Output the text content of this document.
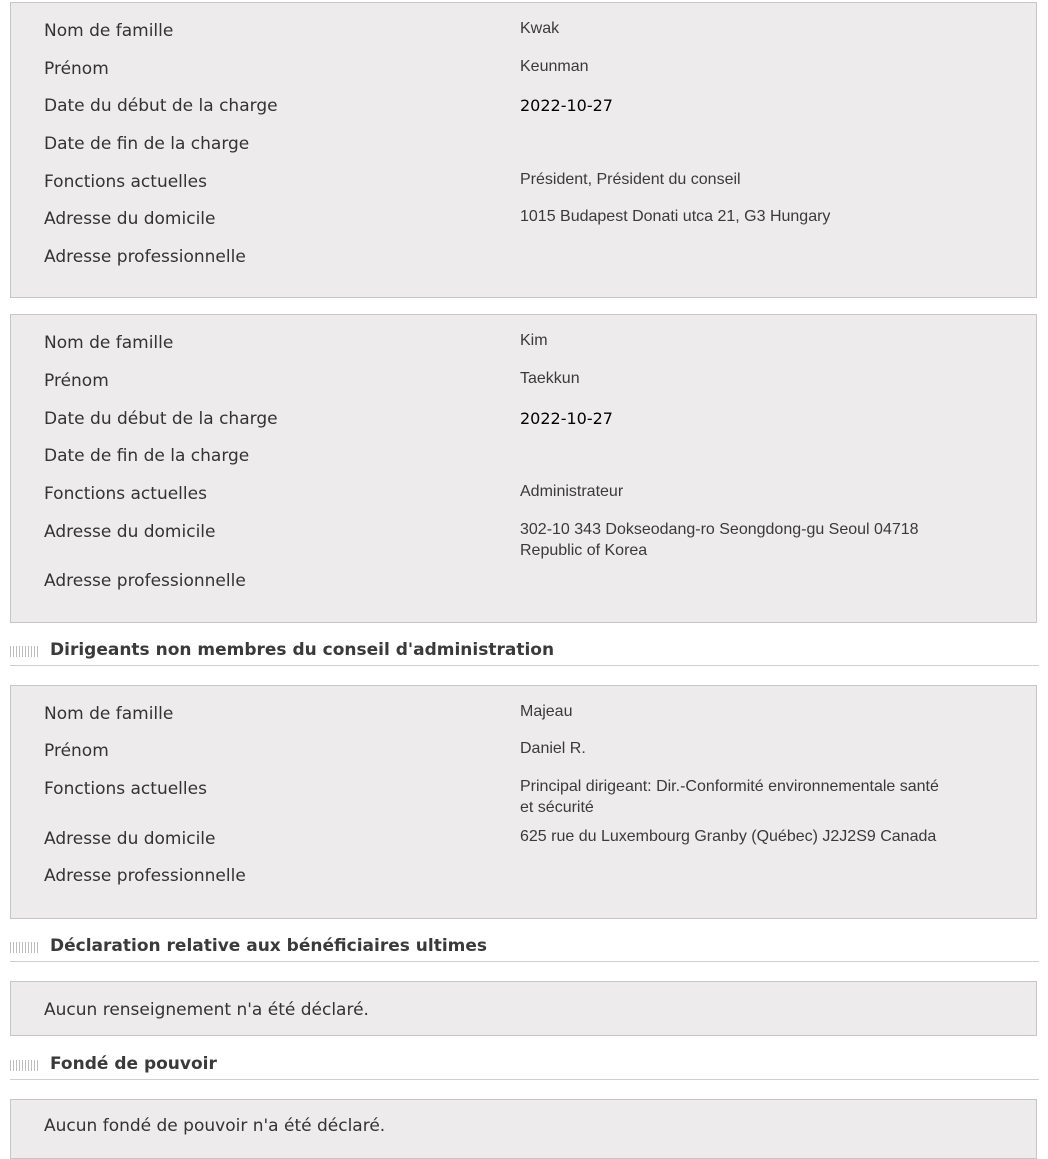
Nom de famille	Kwak
Prénom	Keunman
Date du début de la charge	2022-10-27
Date de fin de la charge
Fonctions actuelles	Président, Président du conseil
Adresse du domicile	1015 Budapest Donati utca 21, G3 Hungary
Adresse professionnelle
Nom de famille	Kim
Prénom	Taekkun
Date du début de la charge	2022-10-27
Date de fin de la charge
Fonctions actuelles	Administrateur
Adresse du domicile	302-10 343 Dokseodang-ro Seongdong-gu Seoul 04718
Republic of Korea
Adresse professionnelle
Dirigeants non membres du conseil d'administration
Nom de famille	Majeau
Prénom	Daniel R.
Fonctions actuelles	Principal dirigeant: Dir.-Conformité environnementale santé
et sécurité
Adresse du domicile	625 rue du Luxembourg Granby (Québec) J2J2S9 Canada
Adresse professionnelle
Déclaration relative aux bénéficiaires ultimes
Aucun renseignement n'a été déclaré.
Fondé de pouvoir
Aucun fondé de pouvoir n'a été déclaré.
